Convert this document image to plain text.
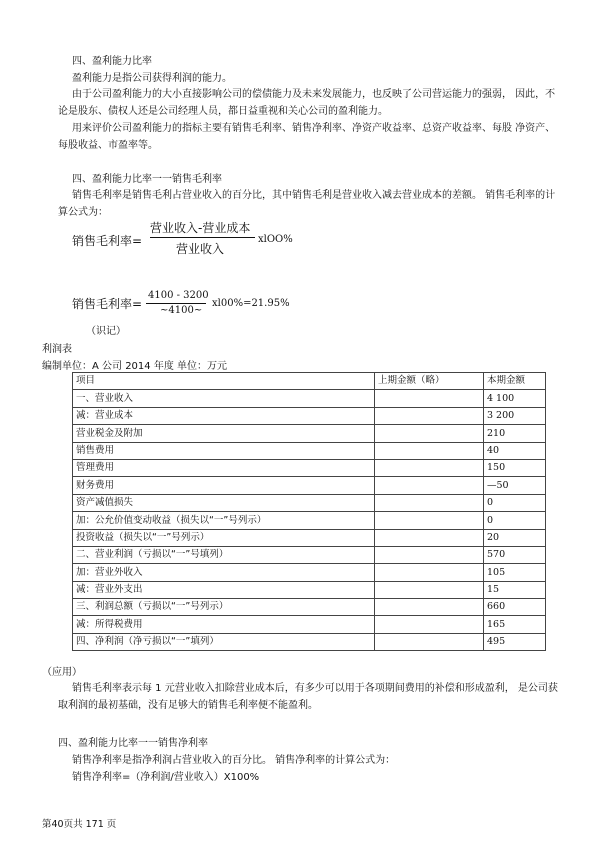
四、盈利能力比率
盈利能力是指公司获得利润的能力。
由于公司盈利能力的大小直接影响公司的偿债能力及未来发展能力，也反映了公司营运能力的强弱， 因此，不论是股东、债权人还是公司经理人员，都日益重视和关心公司的盈利能力。
用来评价公司盈利能力的指标主要有销售毛利率、销售净利率、净资产收益率、总资产收益率、每股 净资产、每股收益、市盈率等。
四、盈利能力比率一一销售毛利率
销售毛利率是销售毛利占营业收入的百分比，其中销售毛利是营业收入减去营业成本的差额。 销售毛利率的计算公式为：
销售毛利率=
营业收入-营业成本
营业收入
xlOO%
销售毛利率=
4100 - 3200
~4100~
xl00%=21.95%
（识记）
利润表
编制单位：A 公司 2014 年度 单位：万元
项目	上期金额（略）	本期金额
一、营业收入		4 100
减：营业成本		3 200
营业税金及附加		210
销售费用		40
管理费用		150
财务费用		—50
资产减值损失		0
加：公允价值变动收益（损失以“一”号列示）		0
投资收益（损失以“一”号列示）		20
二、营业利润（亏损以“一”号填列）		570
加：营业外收入		105
减：营业外支出		15
三、利润总额（亏损以“一”号列示）		660
减：所得税费用		165
四、净利润（净亏损以“一”填列）		495
（应用）
销售毛利率表示每 1 元营业收入扣除营业成本后，有多少可以用于各项期间费用的补偿和形成盈利， 是公司获取利润的最初基础，没有足够大的销售毛利率便不能盈利。
四、盈利能力比率一一销售净利率
销售净利率是指净利润占营业收入的百分比。 销售净利率的计算公式为：
销售净利率=（净利润/营业收入）X100%
第40页共 171 页
